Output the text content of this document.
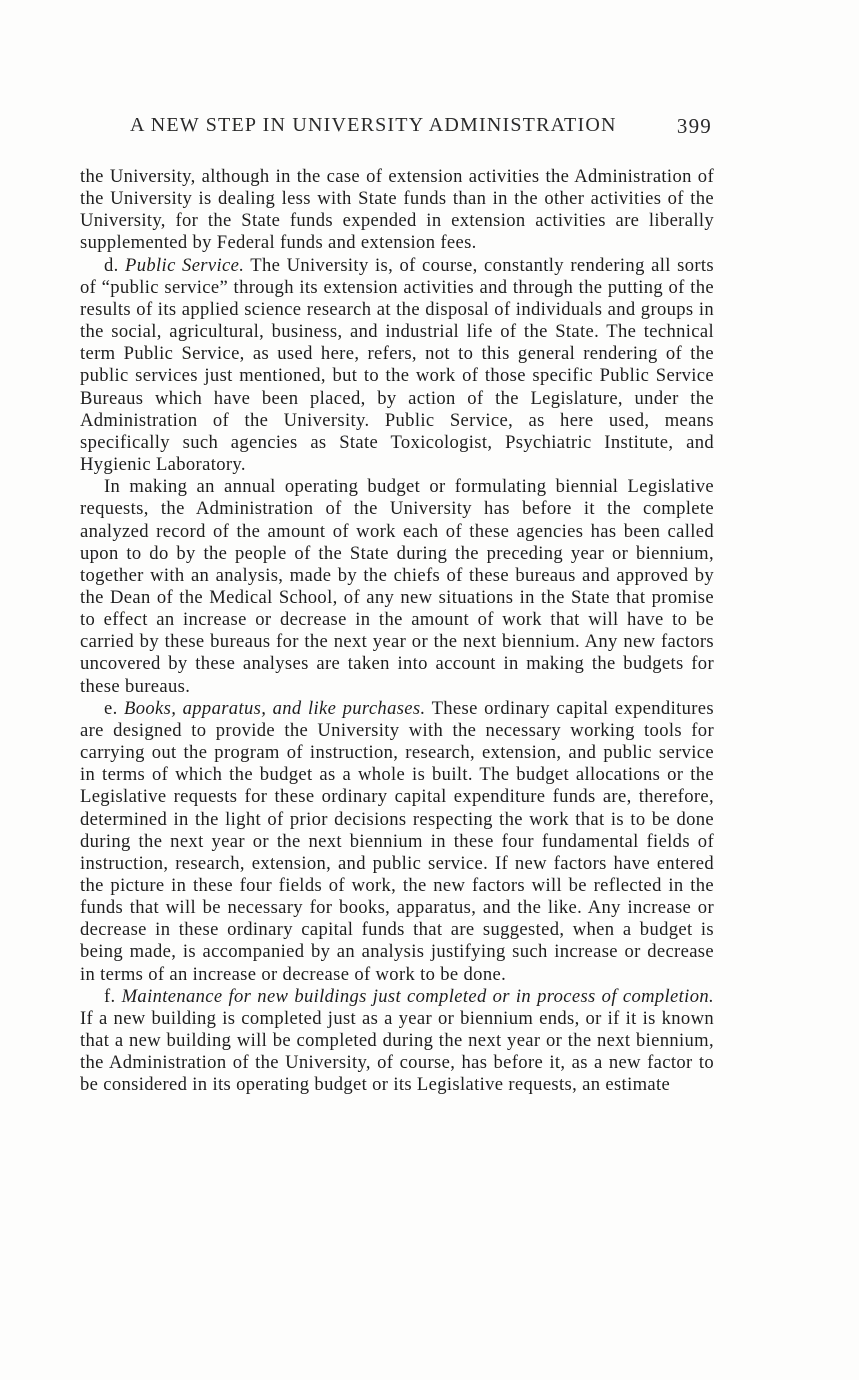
A NEW STEP IN UNIVERSITY ADMINISTRATION	399

the University, although in the case of extension activities the Administration of the University is dealing less with State funds than in the other activities of the University, for the State funds expended in extension activities are liberally supplemented by Federal funds and extension fees.

d. Public Service. The University is, of course, constantly rendering all sorts of “public service” through its extension activities and through the putting of the results of its applied science research at the disposal of individuals and groups in the social, agricultural, business, and industrial life of the State. The technical term Public Service, as used here, refers, not to this general rendering of the public services just mentioned, but to the work of those specific Public Service Bureaus which have been placed, by action of the Legislature, under the Administration of the University. Public Service, as here used, means specifically such agencies as State Toxicologist, Psychiatric Institute, and Hygienic Laboratory.

In making an annual operating budget or formulating biennial Legislative requests, the Administration of the University has before it the complete analyzed record of the amount of work each of these agencies has been called upon to do by the people of the State during the preceding year or biennium, together with an analysis, made by the chiefs of these bureaus and approved by the Dean of the Medical School, of any new situations in the State that promise to effect an increase or decrease in the amount of work that will have to be carried by these bureaus for the next year or the next biennium. Any new factors uncovered by these analyses are taken into account in making the budgets for these bureaus.

e. Books, apparatus, and like purchases. These ordinary capital expenditures are designed to provide the University with the necessary working tools for carrying out the program of instruction, research, extension, and public service in terms of which the budget as a whole is built. The budget allocations or the Legislative requests for these ordinary capital expenditure funds are, therefore, determined in the light of prior decisions respecting the work that is to be done during the next year or the next biennium in these four fundamental fields of instruction, research, extension, and public service. If new factors have entered the picture in these four fields of work, the new factors will be reflected in the funds that will be necessary for books, apparatus, and the like. Any increase or decrease in these ordinary capital funds that are suggested, when a budget is being made, is accompanied by an analysis justifying such increase or decrease in terms of an increase or decrease of work to be done.

f. Maintenance for new buildings just completed or in process of completion. If a new building is completed just as a year or biennium ends, or if it is known that a new building will be completed during the next year or the next biennium, the Administration of the University, of course, has before it, as a new factor to be considered in its operating budget or its Legislative requests, an estimate
